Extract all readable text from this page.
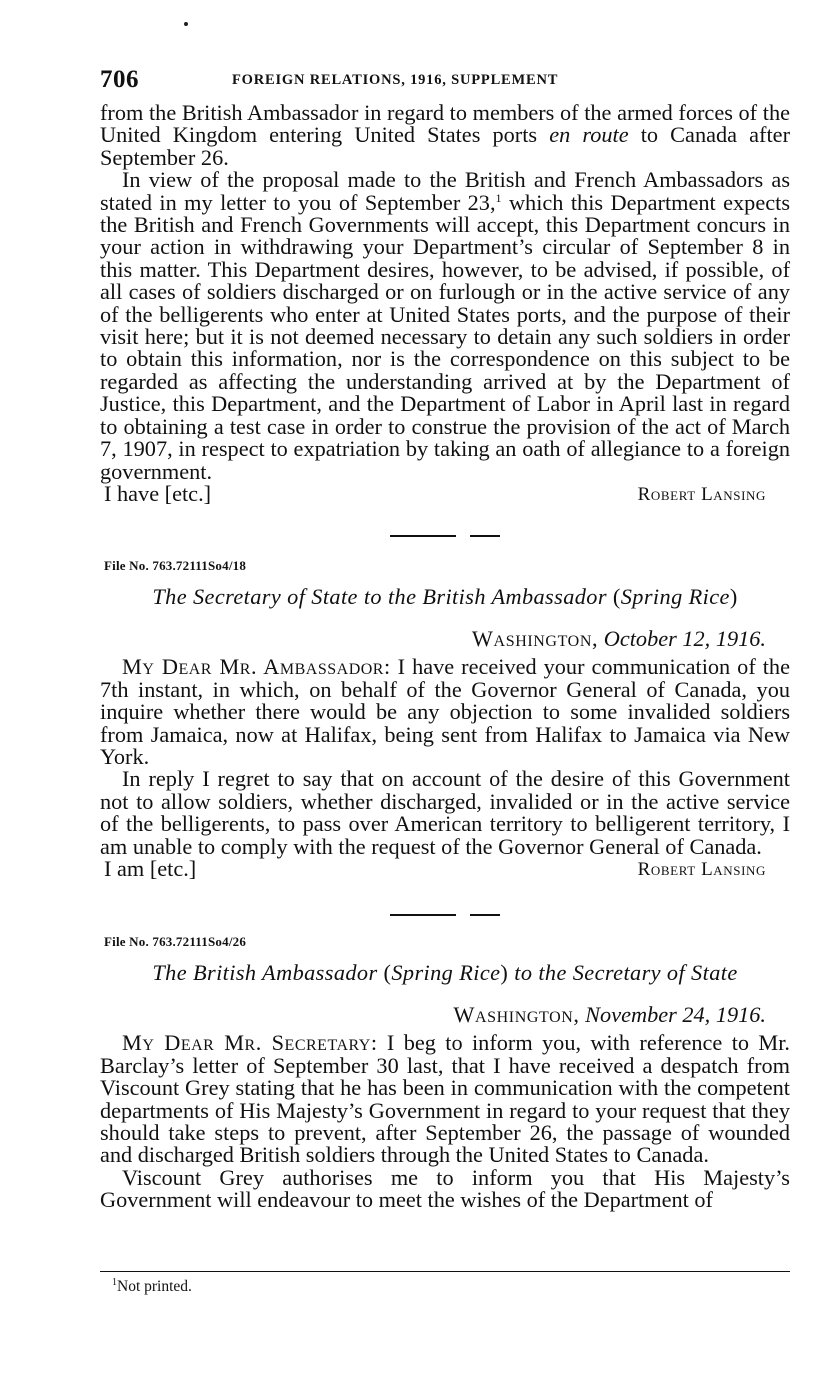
706	FOREIGN RELATIONS, 1916, SUPPLEMENT

from the British Ambassador in regard to members of the armed forces of the United Kingdom entering United States ports en route to Canada after September 26.

In view of the proposal made to the British and French Ambassadors as stated in my letter to you of September 23,$^1$ which this Department expects the British and French Governments will accept, this Department concurs in your action in withdrawing your Department’s circular of September 8 in this matter. This Department desires, however, to be advised, if possible, of all cases of soldiers discharged or on furlough or in the active service of any of the belligerents who enter at United States ports, and the purpose of their visit here; but it is not deemed necessary to detain any such soldiers in order to obtain this information, nor is the correspondence on this subject to be regarded as affecting the understanding arrived at by the Department of Justice, this Department, and the Department of Labor in April last in regard to obtaining a test case in order to construe the provision of the act of March 7, 1907, in respect to expatriation by taking an oath of allegiance to a foreign government.

I have [etc.]	Robert Lansing
File No. 763.72111So4/18
The Secretary of State to the British Ambassador (Spring Rice)
Washington, October 12, 1916.

My Dear Mr. Ambassador: I have received your communication of the 7th instant, in which, on behalf of the Governor General of Canada, you inquire whether there would be any objection to some invalided soldiers from Jamaica, now at Halifax, being sent from Halifax to Jamaica via New York.

In reply I regret to say that on account of the desire of this Government not to allow soldiers, whether discharged, invalided or in the active service of the belligerents, to pass over American territory to belligerent territory, I am unable to comply with the request of the Governor General of Canada.

I am [etc.]	Robert Lansing
File No. 763.72111So4/26
The British Ambassador (Spring Rice) to the Secretary of State
Washington, November 24, 1916.

My Dear Mr. Secretary: I beg to inform you, with reference to Mr. Barclay’s letter of September 30 last, that I have received a despatch from Viscount Grey stating that he has been in communication with the competent departments of His Majesty’s Government in regard to your request that they should take steps to prevent, after September 26, the passage of wounded and discharged British soldiers through the United States to Canada.

Viscount Grey authorises me to inform you that His Majesty’s Government will endeavour to meet the wishes of the Department of

$^1$Not printed.
